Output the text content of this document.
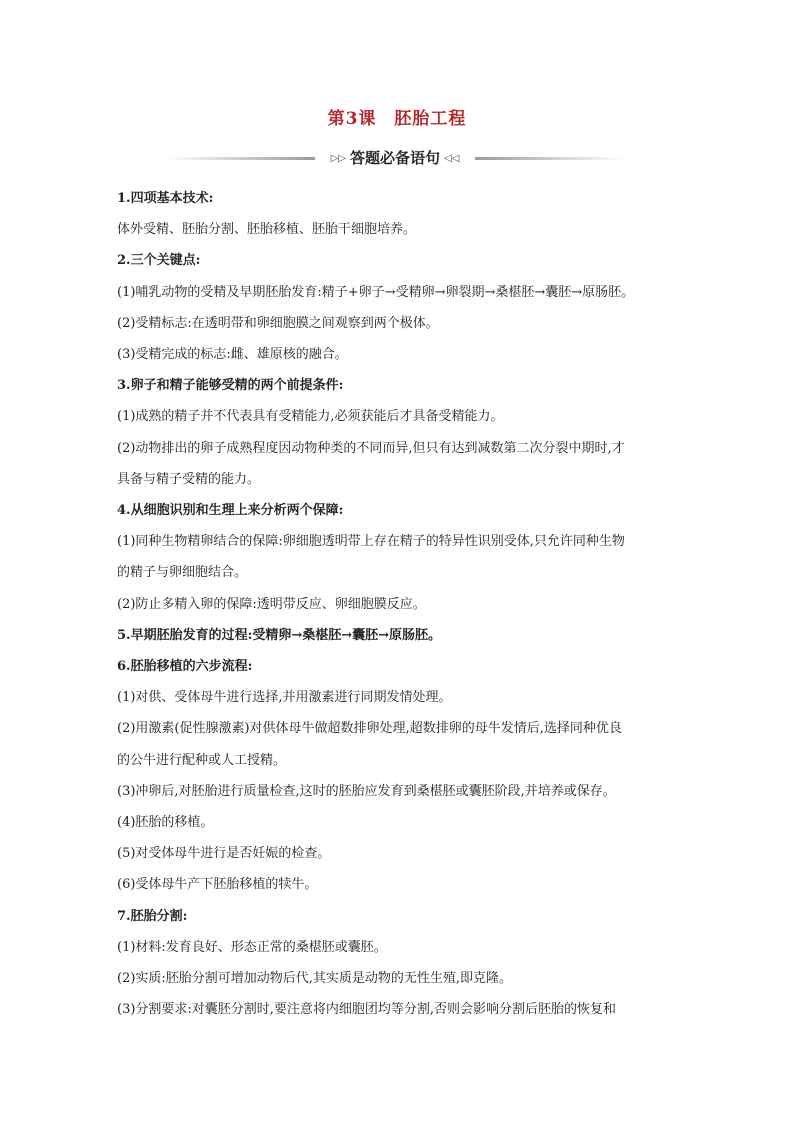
第3课　胚胎工程
▷▷ 答题必备语句 ◁◁
1.四项基本技术:
体外受精、胚胎分割、胚胎移植、胚胎干细胞培养。
2.三个关键点:
(1)哺乳动物的受精及早期胚胎发育:精子+卵子→受精卵→卵裂期→桑椹胚→囊胚→原肠胚。
(2)受精标志:在透明带和卵细胞膜之间观察到两个极体。
(3)受精完成的标志:雌、雄原核的融合。
3.卵子和精子能够受精的两个前提条件:
(1)成熟的精子并不代表具有受精能力,必须获能后才具备受精能力。
(2)动物排出的卵子成熟程度因动物种类的不同而异,但只有达到减数第二次分裂中期时,才
具备与精子受精的能力。
4.从细胞识别和生理上来分析两个保障:
(1)同种生物精卵结合的保障:卵细胞透明带上存在精子的特异性识别受体,只允许同种生物
的精子与卵细胞结合。
(2)防止多精入卵的保障:透明带反应、卵细胞膜反应。
5.早期胚胎发育的过程:受精卵→桑椹胚→囊胚→原肠胚。
6.胚胎移植的六步流程:
(1)对供、受体母牛进行选择,并用激素进行同期发情处理。
(2)用激素(促性腺激素)对供体母牛做超数排卵处理,超数排卵的母牛发情后,选择同种优良
的公牛进行配种或人工授精。
(3)冲卵后,对胚胎进行质量检查,这时的胚胎应发育到桑椹胚或囊胚阶段,并培养或保存。
(4)胚胎的移植。
(5)对受体母牛进行是否妊娠的检查。
(6)受体母牛产下胚胎移植的犊牛。
7.胚胎分割:
(1)材料:发育良好、形态正常的桑椹胚或囊胚。
(2)实质:胚胎分割可增加动物后代,其实质是动物的无性生殖,即克隆。
(3)分割要求:对囊胚分割时,要注意将内细胞团均等分割,否则会影响分割后胚胎的恢复和
